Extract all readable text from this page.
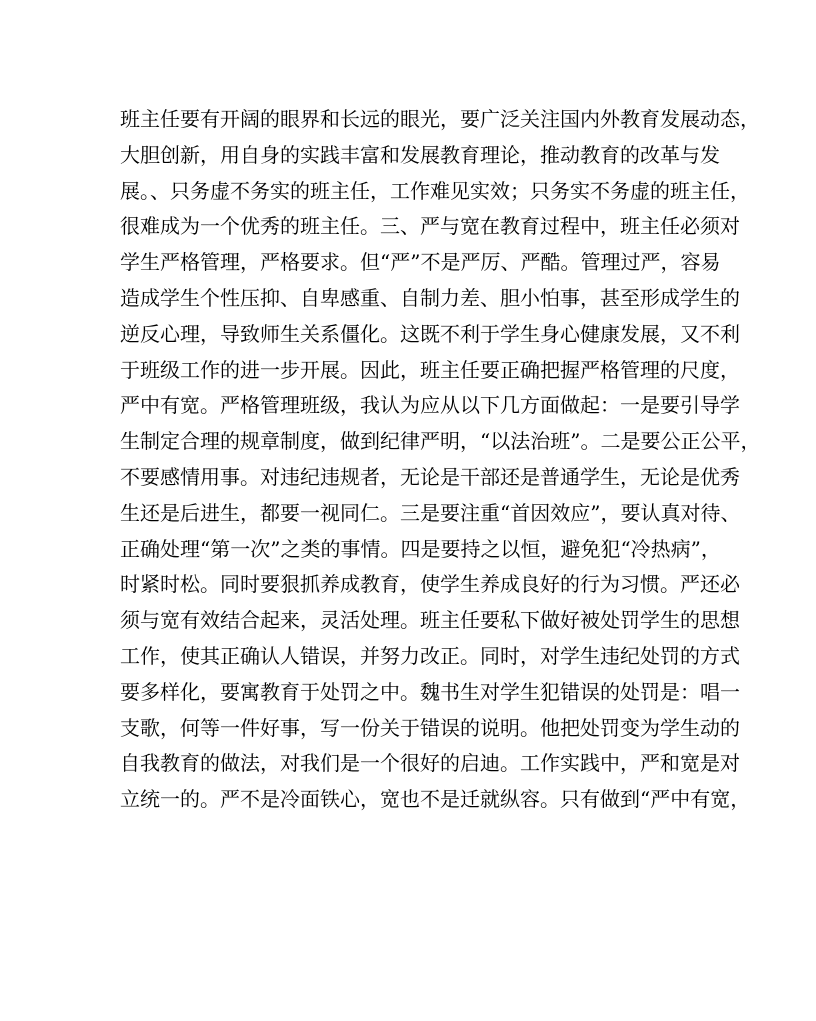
班主任要有开阔的眼界和长远的眼光，要广泛关注国内外教育发展动态，
大胆创新，用自身的实践丰富和发展教育理论，推动教育的改革与发
展。、只务虚不务实的班主任，工作难见实效；只务实不务虚的班主任，
很难成为一个优秀的班主任。三、严与宽在教育过程中，班主任必须对
学生严格管理，严格要求。但“严”不是严厉、严酷。管理过严，容易
造成学生个性压抑、自卑感重、自制力差、胆小怕事，甚至形成学生的
逆反心理，导致师生关系僵化。这既不利于学生身心健康发展，又不利
于班级工作的进一步开展。因此，班主任要正确把握严格管理的尺度，
严中有宽。严格管理班级，我认为应从以下几方面做起：一是要引导学
生制定合理的规章制度，做到纪律严明，“以法治班”。二是要公正公平，
不要感情用事。对违纪违规者，无论是干部还是普通学生，无论是优秀
生还是后进生，都要一视同仁。三是要注重“首因效应”，要认真对待、
正确处理“第一次”之类的事情。四是要持之以恒，避免犯“冷热病”，
时紧时松。同时要狠抓养成教育，使学生养成良好的行为习惯。严还必
须与宽有效结合起来，灵活处理。班主任要私下做好被处罚学生的思想
工作，使其正确认人错误，并努力改正。同时，对学生违纪处罚的方式
要多样化，要寓教育于处罚之中。魏书生对学生犯错误的处罚是：唱一
支歌，何等一件好事，写一份关于错误的说明。他把处罚变为学生动的
自我教育的做法，对我们是一个很好的启迪。工作实践中，严和宽是对
立统一的。严不是冷面铁心，宽也不是迁就纵容。只有做到“严中有宽，
